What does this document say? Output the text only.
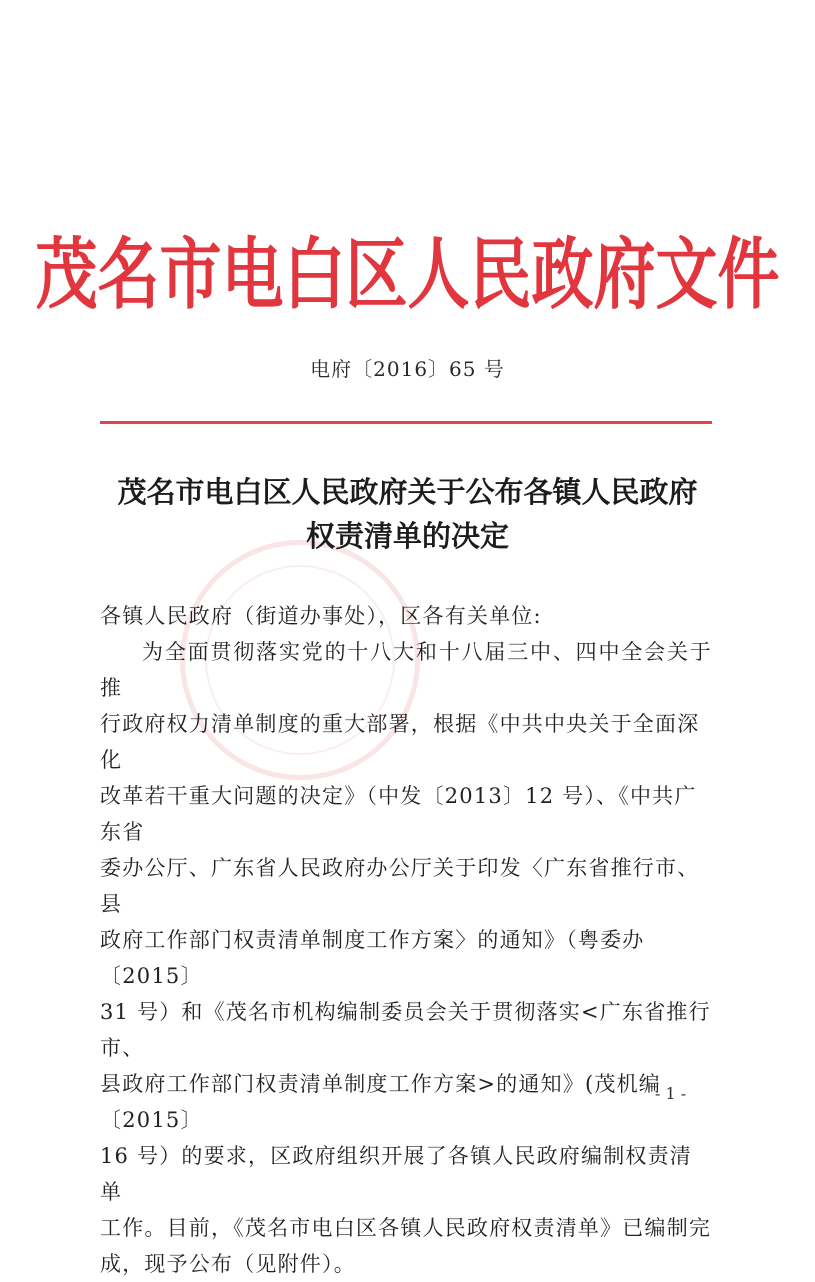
茂名市电白区人民政府文件
电府〔2016〕65 号
茂名市电白区人民政府关于公布各镇人民政府
权责清单的决定

各镇人民政府（街道办事处），区各有关单位:

为全面贯彻落实党的十八大和十八届三中、四中全会关于推

行政府权力清单制度的重大部署，根据《中共中央关于全面深化

改革若干重大问题的决定》（中发〔2013〕12 号）、《中共广东省

委办公厅、广东省人民政府办公厅关于印发〈广东省推行市、县

政府工作部门权责清单制度工作方案〉的通知》（粤委办〔2015〕

31 号）和《茂名市机构编制委员会关于贯彻落实<广东省推行市、

县政府工作部门权责清单制度工作方案>的通知》(茂机编〔2015〕

16 号）的要求，区政府组织开展了各镇人民政府编制权责清单

工作。目前，《茂名市电白区各镇人民政府权责清单》已编制完

成，现予公布（见附件）。

- 1 -
